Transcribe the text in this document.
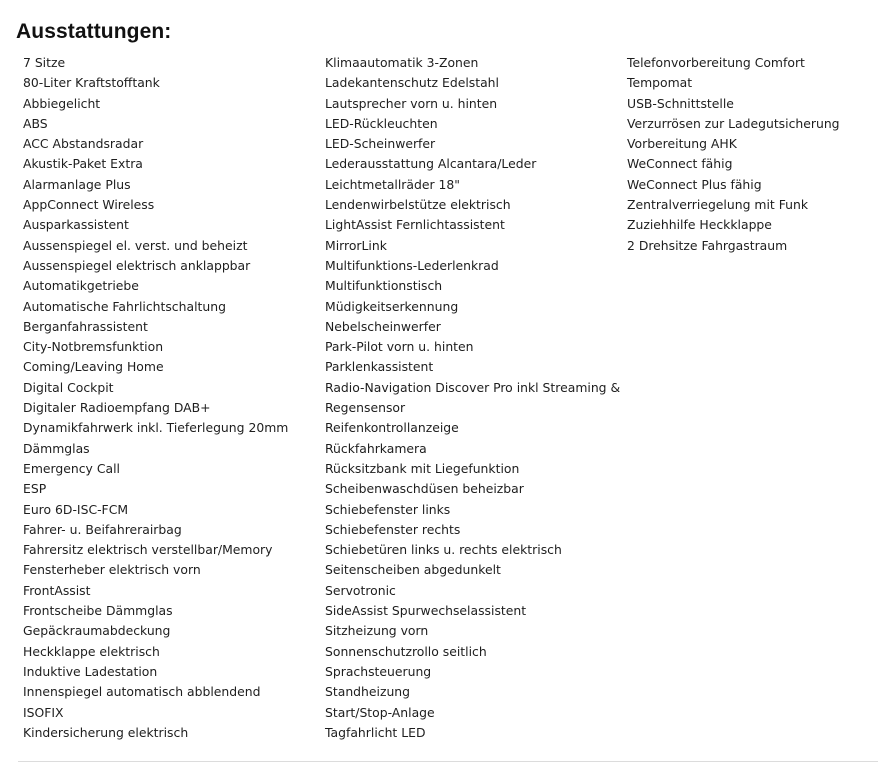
Ausstattungen:
7 Sitze
80-Liter Kraftstofftank
Abbiegelicht
ABS
ACC Abstandsradar
Akustik-Paket Extra
Alarmanlage Plus
AppConnect Wireless
Ausparkassistent
Aussenspiegel el. verst. und beheizt
Aussenspiegel elektrisch anklappbar
Automatikgetriebe
Automatische Fahrlichtschaltung
Berganfahrassistent
City-Notbremsfunktion
Coming/Leaving Home
Digital Cockpit
Digitaler Radioempfang DAB+
Dynamikfahrwerk inkl. Tieferlegung 20mm
Dämmglas
Emergency Call
ESP
Euro 6D-ISC-FCM
Fahrer- u. Beifahrerairbag
Fahrersitz elektrisch verstellbar/Memory
Fensterheber elektrisch vorn
FrontAssist
Frontscheibe Dämmglas
Gepäckraumabdeckung
Heckklappe elektrisch
Induktive Ladestation
Innenspiegel automatisch abblendend
ISOFIX
Kindersicherung elektrisch
Klimaautomatik 3-Zonen
Ladekantenschutz Edelstahl
Lautsprecher vorn u. hinten
LED-Rückleuchten
LED-Scheinwerfer
Lederausstattung Alcantara/Leder
Leichtmetallräder 18"
Lendenwirbelstütze elektrisch
LightAssist Fernlichtassistent
MirrorLink
Multifunktions-Lederlenkrad
Multifunktionstisch
Müdigkeitserkennung
Nebelscheinwerfer
Park-Pilot vorn u. hinten
Parklenkassistent
Radio-Navigation Discover Pro inkl Streaming &
Regensensor
Reifenkontrollanzeige
Rückfahrkamera
Rücksitzbank mit Liegefunktion
Scheibenwaschdüsen beheizbar
Schiebefenster links
Schiebefenster rechts
Schiebetüren links u. rechts elektrisch
Seitenscheiben abgedunkelt
Servotronic
SideAssist Spurwechselassistent
Sitzheizung vorn
Sonnenschutzrollo seitlich
Sprachsteuerung
Standheizung
Start/Stop-Anlage
Tagfahrlicht LED
Telefonvorbereitung Comfort
Tempomat
USB-Schnittstelle
Verzurrösen zur Ladegutsicherung
Vorbereitung AHK
WeConnect fähig
WeConnect Plus fähig
Zentralverriegelung mit Funk
Zuziehhilfe Heckklappe
2 Drehsitze Fahrgastraum
